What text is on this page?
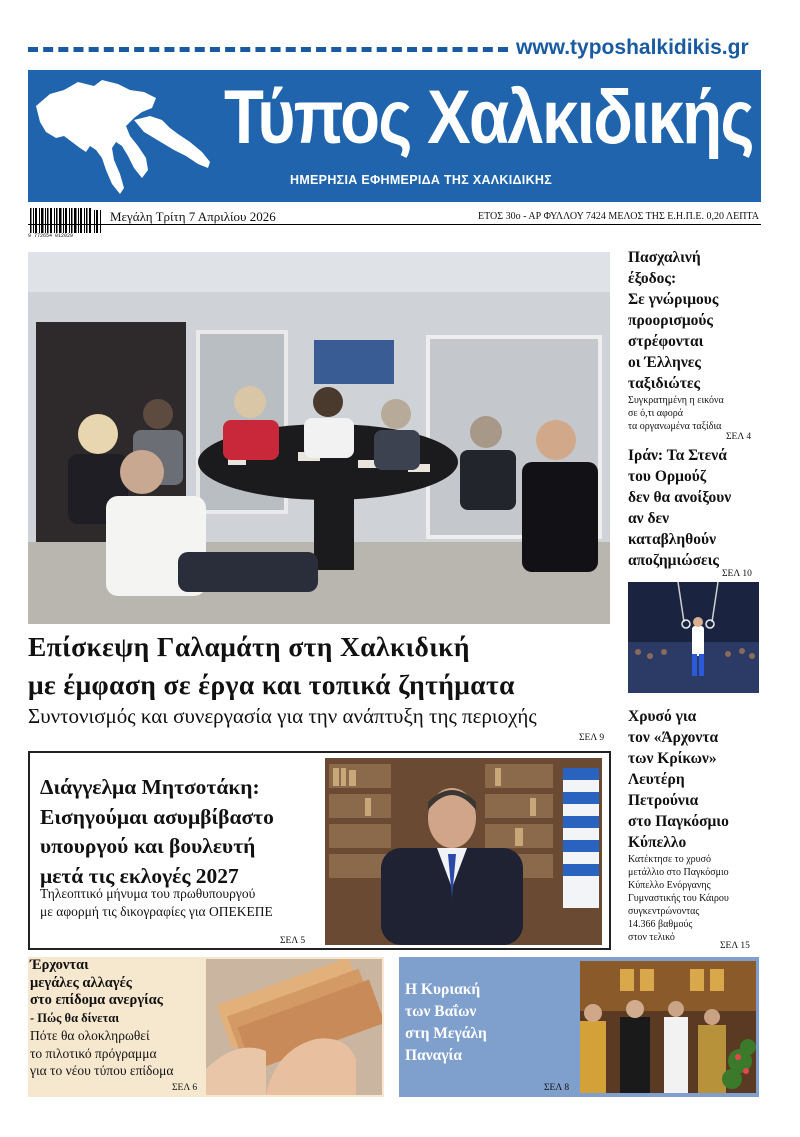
www.typoshalkidikis.gr
Τύπος Χαλκιδικής
ΗΜΕΡΗΣΙΑ ΕΦΗΜΕΡΙΔΑ ΤΗΣ ΧΑΛΚΙΔΙΚΗΣ
9 772654 012029
Μεγάλη Τρίτη 7 Απριλίου 2026	ΕΤΟΣ 30ο - ΑΡ ΦΥΛΛΟΥ 7424 ΜΕΛΟΣ ΤΗΣ Ε.Η.Π.Ε. 0,20 ΛΕΠΤΑ
Επίσκεψη Γαλαμάτη στη Χαλκιδική
με έμφαση σε έργα και τοπικά ζητήματα
Συντονισμός και συνεργασία για την ανάπτυξη της περιοχής
ΣΕΛ 9
Πασχαλινή
έξοδος:
Σε γνώριμους
προορισμούς
στρέφονται
οι Έλληνες
ταξιδιώτες
Συγκρατημένη η εικόνα
σε ό,τι αφορά
τα οργανωμένα ταξίδια
ΣΕΛ 4
Ιράν: Τα Στενά
του Ορμούζ
δεν θα ανοίξουν
αν δεν
καταβληθούν
αποζημιώσεις
ΣΕΛ 10
Χρυσό για
τον «Άρχοντα
των Κρίκων»
Λευτέρη
Πετρούνια
στο Παγκόσμιο
Κύπελλο
Κατέκτησε το χρυσό
μετάλλιο στο Παγκόσμιο
Κύπελλο Ενόργανης
Γυμναστικής του Κάιρου
συγκεντρώνοντας
14.366 βαθμούς
στον τελικό
ΣΕΛ 15
Διάγγελμα Μητσοτάκη:
Εισηγούμαι ασυμβίβαστο
υπουργού και βουλευτή
μετά τις εκλογές 2027
Τηλεοπτικό μήνυμα του πρωθυπουργού
με αφορμή τις δικογραφίες για ΟΠΕΚΕΠΕ
ΣΕΛ 5
Έρχονται
μεγάλες αλλαγές
στο επίδομα ανεργίας
- Πώς θα δίνεται
Πότε θα ολοκληρωθεί
το πιλοτικό πρόγραμμα
για το νέου τύπου επίδομα
ΣΕΛ 6
Η Κυριακή
των Βαΐων
στη Μεγάλη
Παναγία
ΣΕΛ 8
